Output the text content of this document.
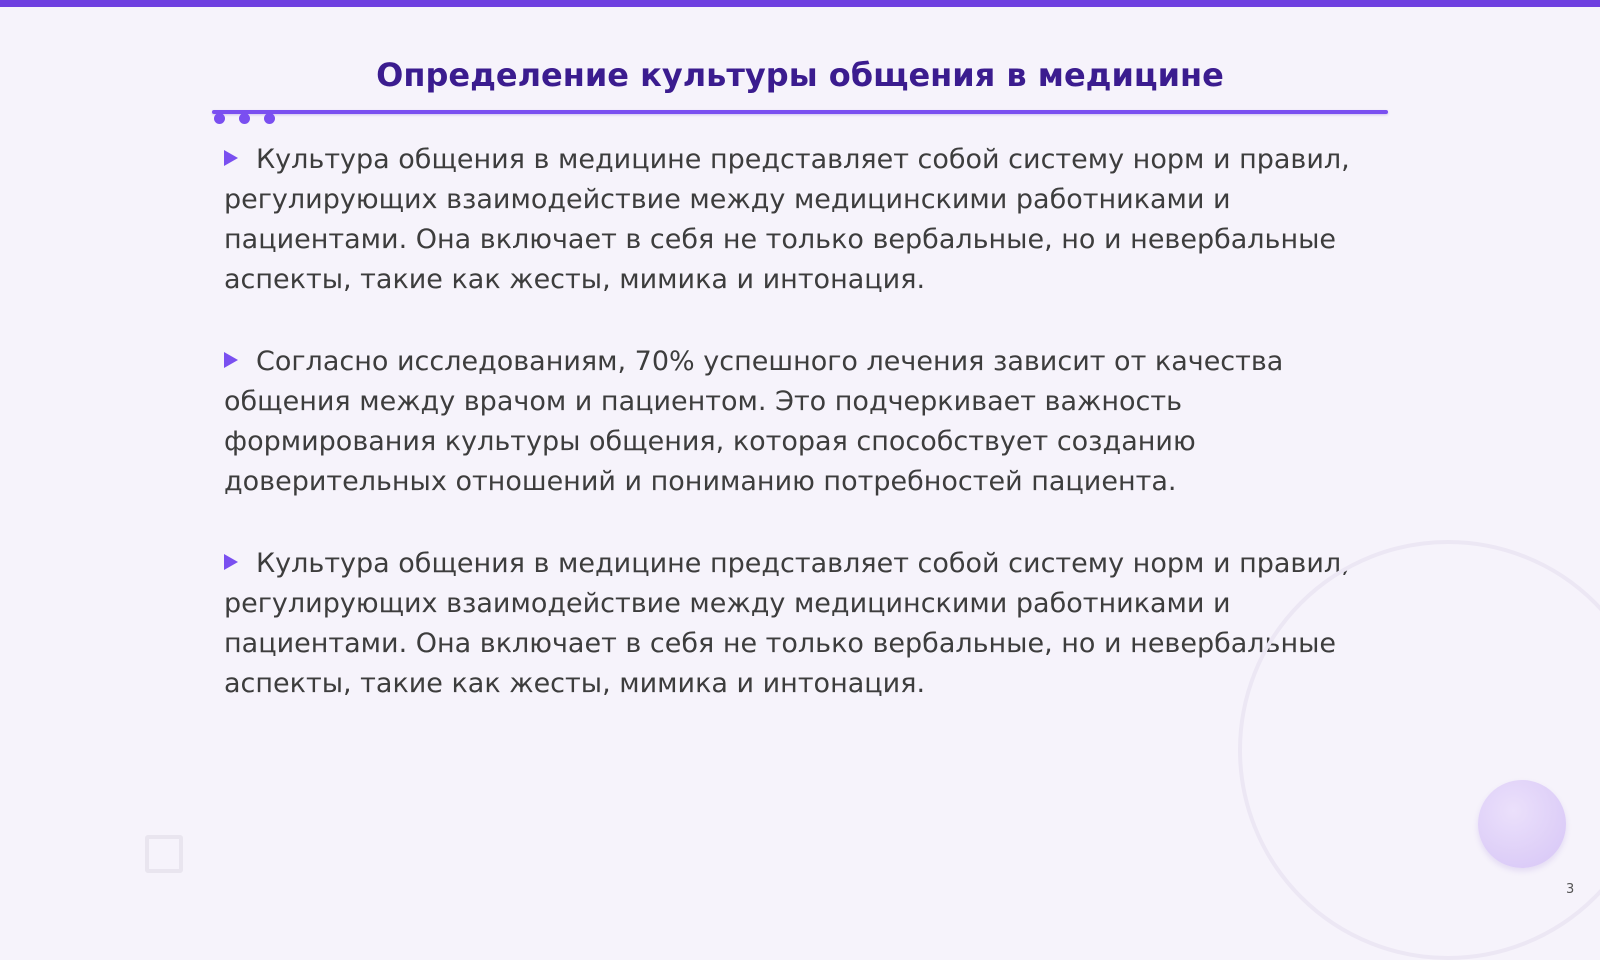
Определение культуры общения в медицине

Культура общения в медицине представляет собой систему норм и правил, регулирующих взаимодействие между медицинскими работниками и пациентами. Она включает в себя не только вербальные, но и невербальные аспекты, такие как жесты, мимика и интонация.

Согласно исследованиям, 70% успешного лечения зависит от качества общения между врачом и пациентом. Это подчеркивает важность формирования культуры общения, которая способствует созданию доверительных отношений и пониманию потребностей пациента.

Культура общения в медицине представляет собой систему норм и правил, регулирующих взаимодействие между медицинскими работниками и пациентами. Она включает в себя не только вербальные, но и невербальные аспекты, такие как жесты, мимика и интонация.

3
